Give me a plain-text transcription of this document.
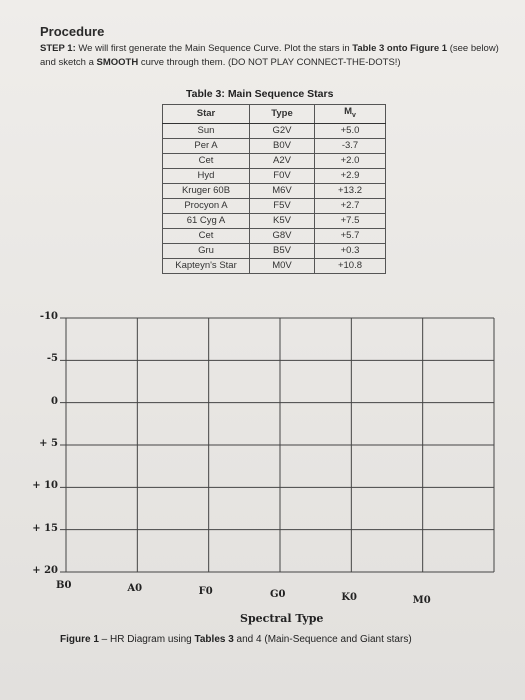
Procedure
STEP 1: We will first generate the Main Sequence Curve. Plot the stars in Table 3 onto Figure 1 (see below) and sketch a SMOOTH curve through them. (DO NOT PLAY CONNECT-THE-DOTS!)
Table 3: Main Sequence Stars
Star	Type	$M_v$
Sun	G2V	+5.0
Per A	B0V	-3.7
Cet	A2V	+2.0
Hyd	F0V	+2.9
Kruger 60B	M6V	+13.2
Procyon A	F5V	+2.7
61 Cyg A	K5V	+7.5
Cet	G8V	+5.7
Gru	B5V	+0.3
Kapteyn's Star	M0V	+10.8
-10
-5
0
+ 5
+ 10
+ 15
+ 20
B0	A0	F0	G0	K0	M0
Spectral Type
Figure 1 – HR Diagram using Tables 3 and 4 (Main-Sequence and Giant stars)
